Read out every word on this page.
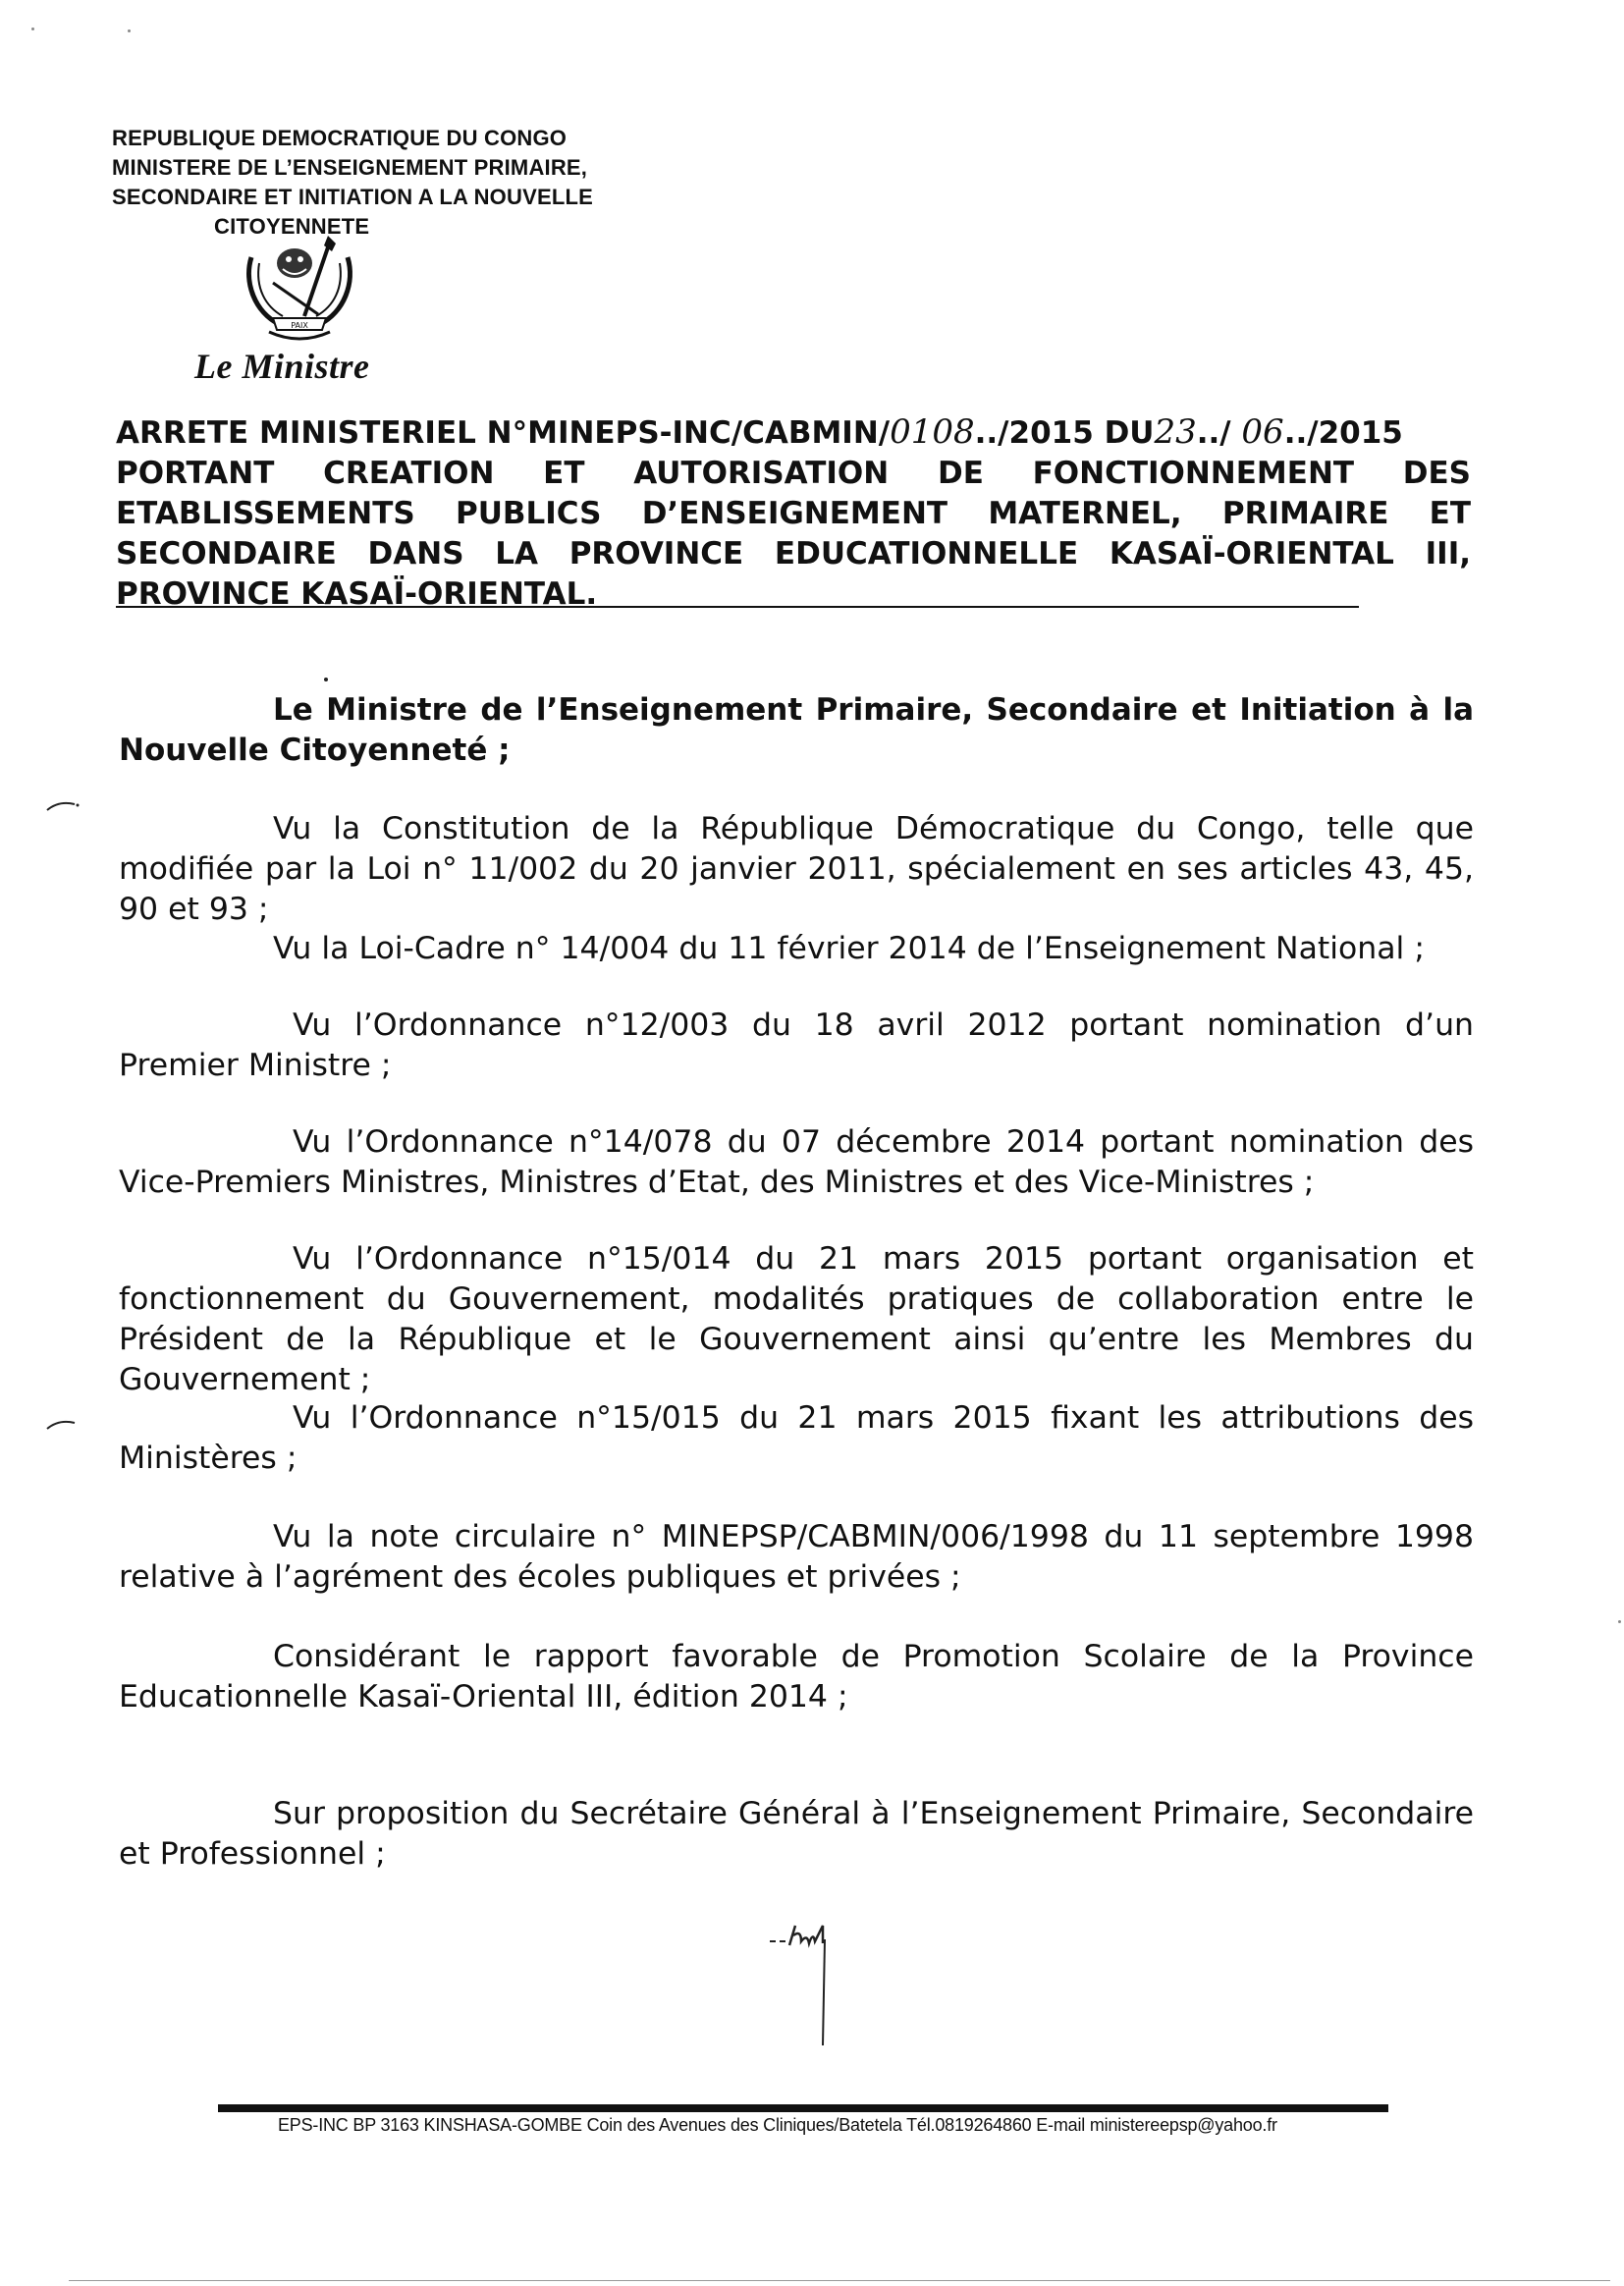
REPUBLIQUE DEMOCRATIQUE DU CONGO
MINISTERE DE L’ENSEIGNEMENT PRIMAIRE,
SECONDAIRE ET INITIATION A LA NOUVELLE
CITOYENNETE
PAIX
Le Ministre
ARRETE MINISTERIEL N°MINEPS-INC/CABMIN/0108../2015 DU23../ 06../2015
PORTANT CREATION ET AUTORISATION DE FONCTIONNEMENT DES
ETABLISSEMENTS PUBLICS D’ENSEIGNEMENT MATERNEL, PRIMAIRE ET
SECONDAIRE DANS LA PROVINCE EDUCATIONNELLE KASAÏ-ORIENTAL III,
PROVINCE KASAÏ-ORIENTAL.
Le Ministre de l’Enseignement Primaire, Secondaire et Initiation à la Nouvelle Citoyenneté ;
Vu la Constitution de la République Démocratique du Congo, telle que modifiée par la Loi n° 11/002 du 20 janvier 2011, spécialement en ses articles 43, 45, 90 et 93 ;
Vu la Loi-Cadre n° 14/004 du 11 février 2014 de l’Enseignement National ;
Vu l’Ordonnance n°12/003 du 18 avril 2012 portant nomination d’un Premier Ministre ;
Vu l’Ordonnance n°14/078 du 07 décembre 2014 portant nomination des Vice-Premiers Ministres, Ministres d’Etat, des Ministres et des Vice-Ministres ;
Vu l’Ordonnance n°15/014 du 21 mars 2015 portant organisation et fonctionnement du Gouvernement, modalités pratiques de collaboration entre le Président de la République et le Gouvernement ainsi qu’entre les Membres du Gouvernement ;
Vu l’Ordonnance n°15/015 du 21 mars 2015 fixant les attributions des Ministères ;
Vu la note circulaire n° MINEPSP/CABMIN/006/1998 du 11 septembre 1998 relative à l’agrément des écoles publiques et privées ;
Considérant le rapport favorable de Promotion Scolaire de la Province Educationnelle Kasaï-Oriental III, édition 2014 ;
Sur proposition du Secrétaire Général à l’Enseignement Primaire, Secondaire et Professionnel ;
EPS-INC BP 3163 KINSHASA-GOMBE Coin des Avenues des Cliniques/Batetela Tél.0819264860 E-mail ministereepsp@yahoo.fr
